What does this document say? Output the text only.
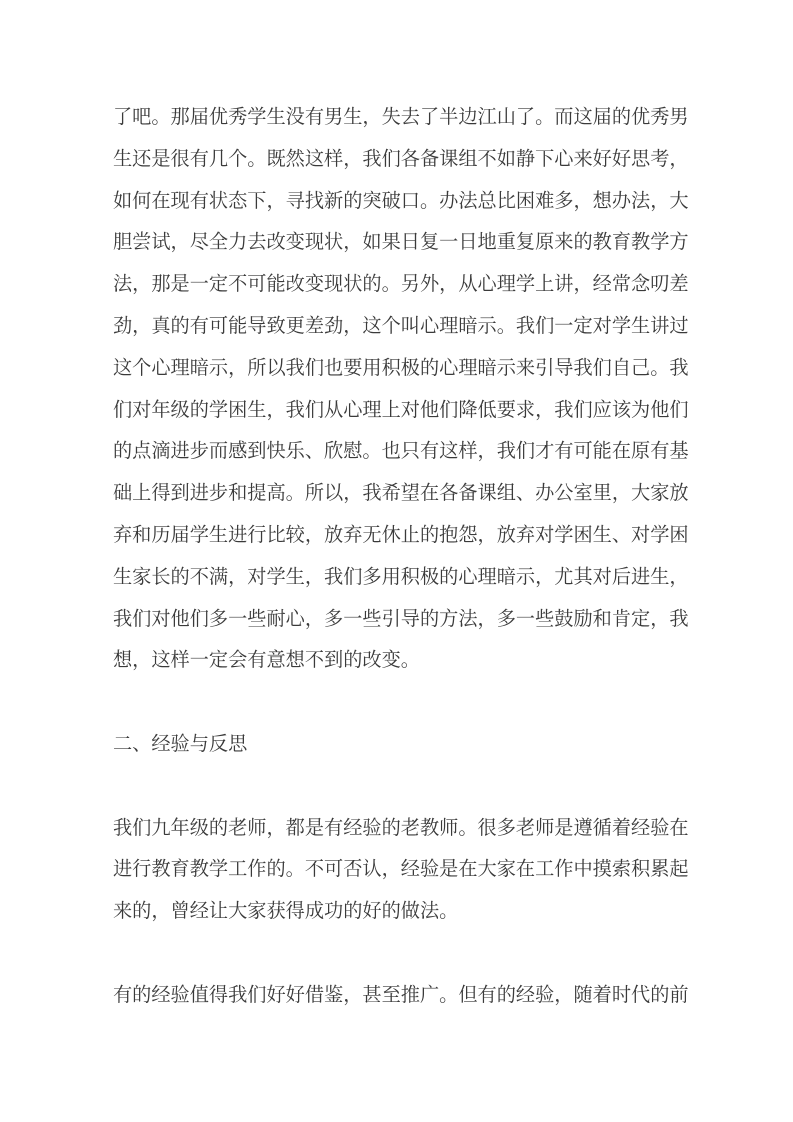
了吧。那届优秀学生没有男生，失去了半边江山了。而这届的优秀男
生还是很有几个。既然这样，我们各备课组不如静下心来好好思考，
如何在现有状态下，寻找新的突破口。办法总比困难多，想办法，大
胆尝试，尽全力去改变现状，如果日复一日地重复原来的教育教学方
法，那是一定不可能改变现状的。另外，从心理学上讲，经常念叨差
劲，真的有可能导致更差劲，这个叫心理暗示。我们一定对学生讲过
这个心理暗示，所以我们也要用积极的心理暗示来引导我们自己。我
们对年级的学困生，我们从心理上对他们降低要求，我们应该为他们
的点滴进步而感到快乐、欣慰。也只有这样，我们才有可能在原有基
础上得到进步和提高。所以，我希望在各备课组、办公室里，大家放
弃和历届学生进行比较，放弃无休止的抱怨，放弃对学困生、对学困
生家长的不满，对学生，我们多用积极的心理暗示，尤其对后进生，
我们对他们多一些耐心，多一些引导的方法，多一些鼓励和肯定，我
想，这样一定会有意想不到的改变。
二、经验与反思
我们九年级的老师，都是有经验的老教师。很多老师是遵循着经验在
进行教育教学工作的。不可否认，经验是在大家在工作中摸索积累起
来的，曾经让大家获得成功的好的做法。
有的经验值得我们好好借鉴，甚至推广。但有的经验，随着时代的前
